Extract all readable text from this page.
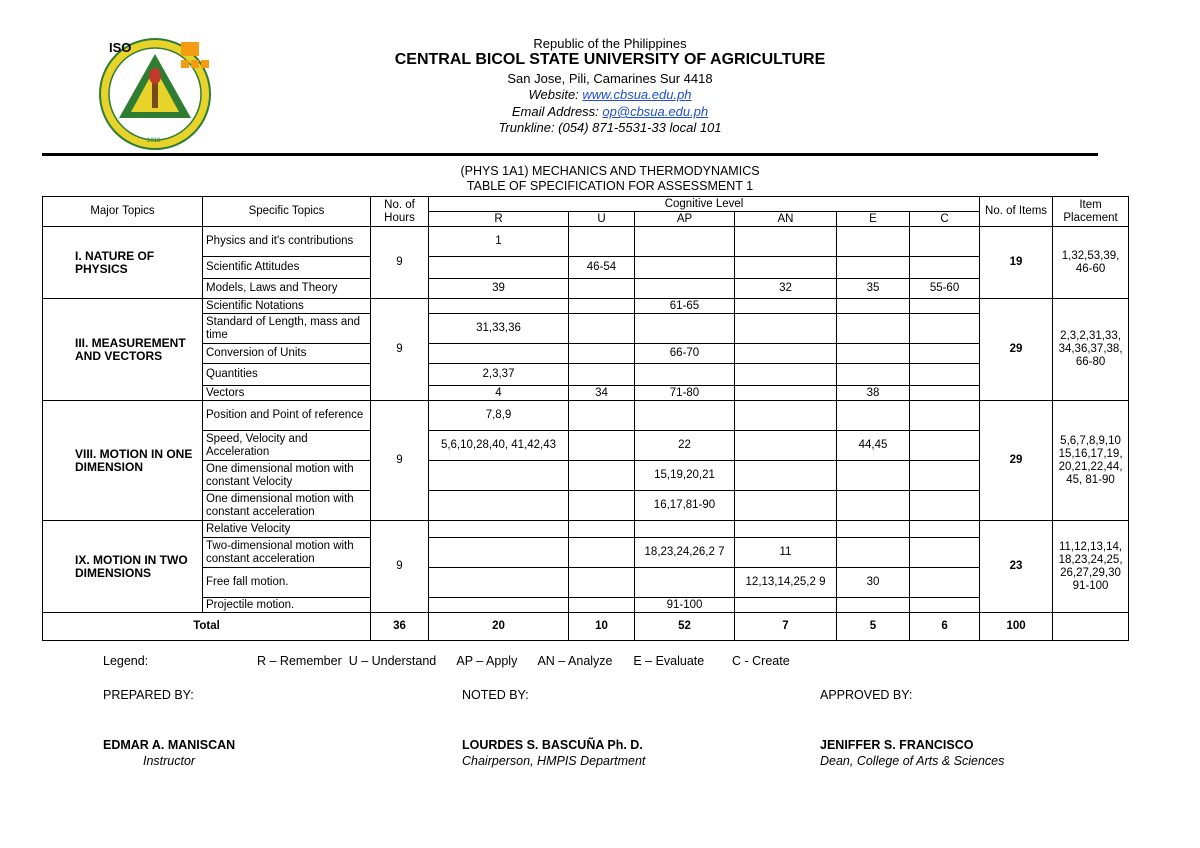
ISO
1918
Republic of the Philippines
CENTRAL BICOL STATE UNIVERSITY OF AGRICULTURE
San Jose, Pili, Camarines Sur 4418
Website: www.cbsua.edu.ph
Email Address: op@cbsua.edu.ph
Trunkline: (054) 871-5531-33 local 101
(PHYS 1A1) MECHANICS AND THERMODYNAMICS
TABLE OF SPECIFICATION FOR ASSESSMENT 1
Major Topics	Specific Topics	No. of Hours	Cognitive Level						No. of Items	Item Placement
			R	U	AP	AN	E	C		
I. NATURE OF PHYSICS	Physics and it's contributions	9	1						19	1,32,53,39, 46-60
	Scientific Attitudes			46-54						
	Models, Laws and Theory		39			32	35	55-60		
III. MEASUREMENT AND VECTORS	Scientific Notations	9			61-65				29	2,3,2,31,33, 34,36,37,38, 66-80
	Standard of Length, mass and time		31,33,36							
	Conversion of Units				66-70					
	Quantities		2,3,37							
	Vectors		4	34	71-80		38			
VIII. MOTION IN ONE DIMENSION	Position and Point of reference	9	7,8,9						29	5,6,7,8,9,10 15,16,17,19, 20,21,22,44, 45, 81-90
	Speed, Velocity and Acceleration		5,6,10,28,40, 41,42,43		22		44,45			
	One dimensional motion with constant Velocity				15,19,20,21					
	One dimensional motion with constant acceleration				16,17,81-90					
IX. MOTION IN TWO DIMENSIONS	Relative Velocity	9							23	11,12,13,14, 18,23,24,25, 26,27,29,30 91-100
	Two-dimensional motion with constant acceleration				18,23,24,26,2 7	11				
	Free fall motion.					12,13,14,25,2 9	30			
	Projectile motion.				91-100					
Total		36	20	10	52	7	5	6	100	
Legend:	R – Remember  U – Understand      AP – Apply      AN – Analyze      E – Evaluate        C - Create
PREPARED BY:	NOTED BY:	APPROVED BY:
EDMAR A. MANISCAN	LOURDES S. BASCUÑA Ph. D.	JENIFFER S. FRANCISCO
Instructor	Chairperson, HMPIS Department	Dean, College of Arts & Sciences
